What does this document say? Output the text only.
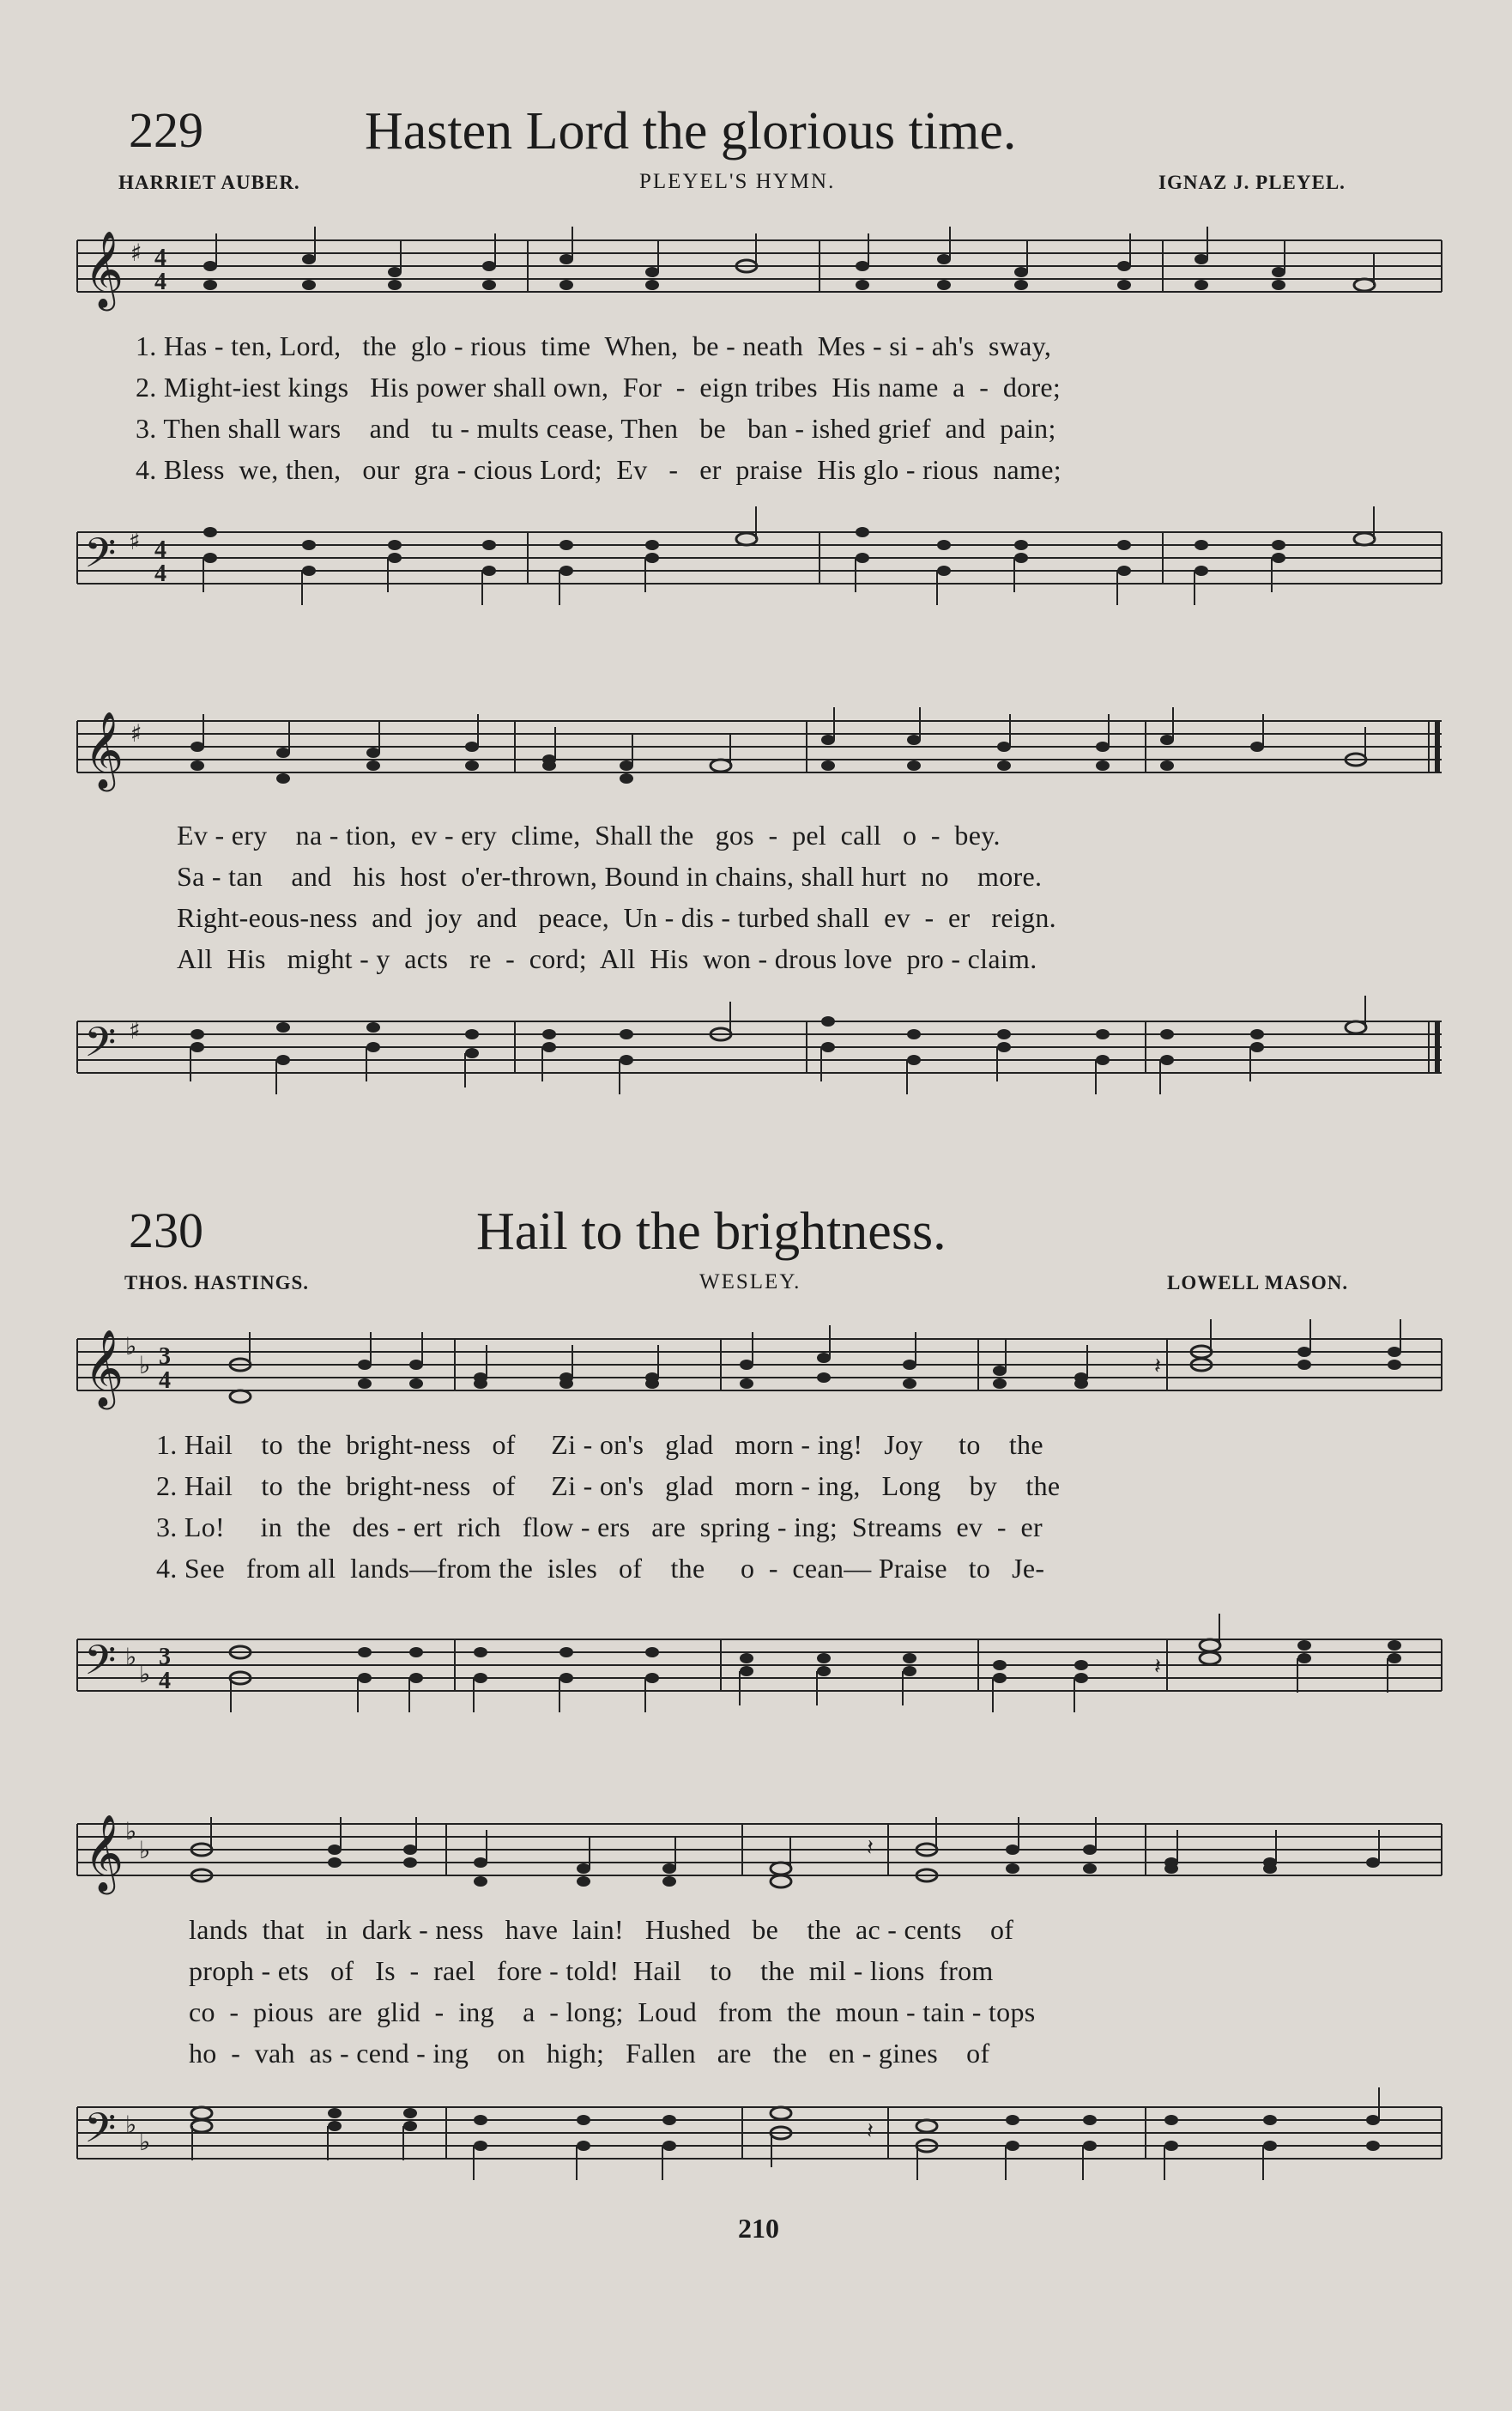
229	Hasten Lord the glorious time.
HARRIET AUBER.	PLEYEL'S HYMN.	IGNAZ J. PLEYEL.
𝄞 ♯ 4
4
1. Has - ten, Lord,   the  glo - rious  time  When,  be - neath  Mes - si - ah's  sway,
2. Might-iest kings   His power shall own,  For  -  eign tribes  His name  a  -  dore;
3. Then shall wars    and   tu - mults cease, Then   be   ban - ished grief  and  pain;
4. Bless  we, then,   our  gra - cious Lord;  Ev   -   er  praise  His glo - rious  name;
𝄢 ♯ 4
4
𝄞 ♯
Ev - ery    na - tion,  ev - ery  clime,  Shall the   gos  -  pel  call   o  -  bey.
Sa - tan    and   his  host  o'er-thrown, Bound in chains, shall hurt  no    more.
Right-eous-ness  and  joy  and   peace,  Un - dis - turbed shall  ev  -  er   reign.
All  His   might - y  acts   re  -  cord;  All  His  won - drous love  pro - claim.
𝄢 ♯
230	Hail to the brightness.
THOS. HASTINGS.	WESLEY.	LOWELL MASON.
𝄞 ♭
♭ 3
4
𝄽
1. Hail    to  the  bright-ness   of     Zi - on's   glad   morn - ing!   Joy     to    the
2. Hail    to  the  bright-ness   of     Zi - on's   glad   morn - ing,   Long    by    the
3. Lo!     in  the   des - ert  rich   flow - ers   are  spring - ing;  Streams  ev  -  er
4. See   from all  lands—from the  isles   of    the     o  -  cean— Praise   to   Je-
𝄢 ♭
♭
3
4
𝄽
𝄞 ♭
♭	𝄽
lands  that   in  dark - ness   have  lain!   Hushed   be    the  ac - cents    of
proph - ets   of   Is  -  rael   fore - told!  Hail    to    the  mil - lions  from
co  -  pious  are  glid  -  ing    a  - long;  Loud   from  the  moun - tain - tops
ho  -  vah  as - cend - ing    on   high;   Fallen   are   the   en - gines    of
𝄢 ♭
♭	𝄽
210
